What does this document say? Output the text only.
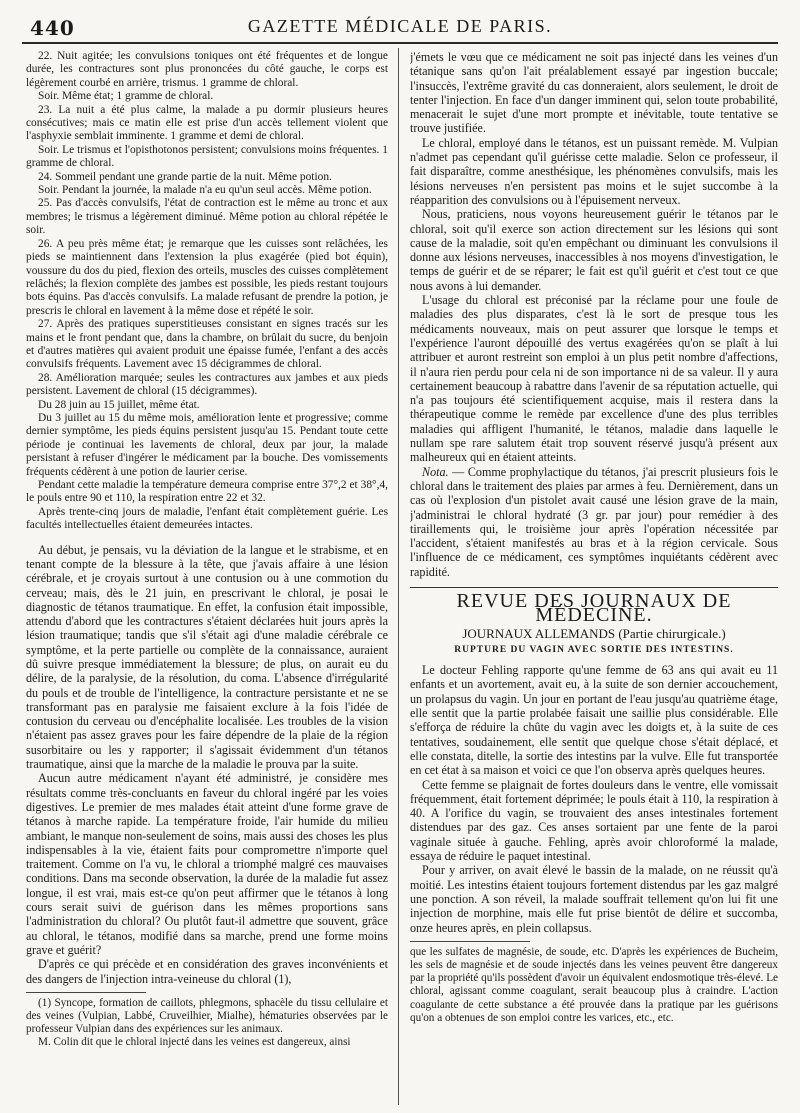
440	GAZETTE MÉDICALE DE PARIS.

22. Nuit agitée; les convulsions toniques ont été fréquentes et de longue durée, les contractures sont plus prononcées du côté gauche, le corps est légèrement courbé en arrière, trismus. 1 gramme de chloral.

Soir. Même état; 1 gramme de chloral.

23. La nuit a été plus calme, la malade a pu dormir plusieurs heures consécutives; mais ce matin elle est prise d'un accès tellement violent que l'asphyxie semblait imminente. 1 gramme et demi de chloral.

Soir. Le trismus et l'opisthotonos persistent; convulsions moins fréquentes. 1 gramme de chloral.

24. Sommeil pendant une grande partie de la nuit. Même potion.

Soir. Pendant la journée, la malade n'a eu qu'un seul accès. Même potion.

25. Pas d'accès convulsifs, l'état de contraction est le même au tronc et aux membres; le trismus a légèrement diminué. Même potion au chloral répétée le soir.

26. A peu près même état; je remarque que les cuisses sont relâchées, les pieds se maintiennent dans l'extension la plus exagérée (pied bot équin), voussure du dos du pied, flexion des orteils, muscles des cuisses complètement relâchés; la flexion complète des jambes est possible, les pieds restant toujours bots équins. Pas d'accès convulsifs. La malade refusant de prendre la potion, je prescris le chloral en lavement à la même dose et répété le soir.

27. Après des pratiques superstitieuses consistant en signes tracés sur les mains et le front pendant que, dans la chambre, on brûlait du sucre, du benjoin et d'autres matières qui avaient produit une épaisse fumée, l'enfant a des accès convulsifs fréquents. Lavement avec 15 décigrammes de chloral.

28. Amélioration marquée; seules les contractures aux jambes et aux pieds persistent. Lavement de chloral (15 décigrammes).

Du 28 juin au 15 juillet, même état.

Du 3 juillet au 15 du même mois, amélioration lente et progressive; comme dernier symptôme, les pieds équins persistent jusqu'au 15. Pendant toute cette période je continuai les lavements de chloral, deux par jour, la malade persistant à refuser d'ingérer le médicament par la bouche. Des vomissements fréquents cédèrent à une potion de laurier cerise.

Pendant cette maladie la température demeura comprise entre 37°,2 et 38°,4, le pouls entre 90 et 110, la respiration entre 22 et 32.

Après trente-cinq jours de maladie, l'enfant était complètement guérie. Les facultés intellectuelles étaient demeurées intactes.

Au début, je pensais, vu la déviation de la langue et le strabisme, et en tenant compte de la blessure à la tête, que j'avais affaire à une lésion cérébrale, et je croyais surtout à une contusion ou à une commotion du cerveau; mais, dès le 21 juin, en prescrivant le chloral, je posai le diagnostic de tétanos traumatique. En effet, la confusion était impossible, attendu d'abord que les contractures s'étaient déclarées huit jours après la lésion traumatique; tandis que s'il s'était agi d'une maladie cérébrale ce symptôme, et la perte partielle ou complète de la connaissance, auraient dû suivre presque immédiatement la blessure; de plus, on aurait eu du délire, de la paralysie, de la résolution, du coma. L'absence d'irrégularité du pouls et de trouble de l'intelligence, la contracture persistante et ne se transformant pas en paralysie me faisaient exclure à la fois l'idée de contusion du cerveau ou d'encéphalite localisée. Les troubles de la vision n'étaient pas assez graves pour les faire dépendre de la plaie de la région susorbitaire ou les y rapporter; il s'agissait évidemment d'un tétanos traumatique, ainsi que la marche de la maladie le prouva par la suite.

Aucun autre médicament n'ayant été administré, je considère mes résultats comme très-concluants en faveur du chloral ingéré par les voies digestives. Le premier de mes malades était atteint d'une forme grave de tétanos à marche rapide. La température froide, l'air humide du milieu ambiant, le manque non-seulement de soins, mais aussi des choses les plus indispensables à la vie, étaient faits pour compromettre n'importe quel traitement. Comme on l'a vu, le chloral a triomphé malgré ces mauvaises conditions. Dans ma seconde observation, la durée de la maladie fut assez longue, il est vrai, mais est-ce qu'on peut affirmer que le tétanos à long cours serait suivi de guérison dans les mêmes proportions sans l'administration du chloral? Ou plutôt faut-il admettre que souvent, grâce au chloral, le tétanos, modifié dans sa marche, prend une forme moins grave et guérit?

D'après ce qui précède et en considération des graves inconvénients et des dangers de l'injection intra-veineuse du chloral (1),

(1) Syncope, formation de caillots, phlegmons, sphacèle du tissu cellulaire et des veines (Vulpian, Labbé, Cruveilhier, Mialhe), hématuries observées par le professeur Vulpian dans des expériences sur les animaux.

M. Colin dit que le chloral injecté dans les veines est dangereux, ainsi

j'émets le vœu que ce médicament ne soit pas injecté dans les veines d'un tétanique sans qu'on l'ait préalablement essayé par ingestion buccale; l'insuccès, l'extrême gravité du cas donneraient, alors seulement, le droit de tenter l'injection. En face d'un danger imminent qui, selon toute probabilité, menacerait le sujet d'une mort prompte et inévitable, toute tentative se trouve justifiée.

Le chloral, employé dans le tétanos, est un puissant remède. M. Vulpian n'admet pas cependant qu'il guérisse cette maladie. Selon ce professeur, il fait disparaître, comme anesthésique, les phénomènes convulsifs, mais les lésions nerveuses n'en persistent pas moins et le sujet succombe à la réapparition des convulsions ou à l'épuisement nerveux.

Nous, praticiens, nous voyons heureusement guérir le tétanos par le chloral, soit qu'il exerce son action directement sur les lésions qui sont cause de la maladie, soit qu'en empêchant ou diminuant les convulsions il donne aux lésions nerveuses, inaccessibles à nos moyens d'investigation, le temps de guérir et de se réparer; le fait est qu'il guérit et c'est tout ce que nous avons à lui demander.

L'usage du chloral est préconisé par la réclame pour une foule de maladies des plus disparates, c'est là le sort de presque tous les médicaments nouveaux, mais on peut assurer que lorsque le temps et l'expérience l'auront dépouillé des vertus exagérées qu'on se plaît à lui attribuer et auront restreint son emploi à un plus petit nombre d'affections, il n'aura rien perdu pour cela ni de son importance ni de sa valeur. Il y aura certainement beaucoup à rabattre dans l'avenir de sa réputation actuelle, qui n'a pas toujours été scientifiquement acquise, mais il restera dans la thérapeutique comme le remède par excellence d'une des plus terribles maladies qui affligent l'humanité, le tétanos, maladie dans laquelle le nullam spe rare salutem était trop souvent réservé jusqu'à présent aux malheureux qui en étaient atteints.

Nota. — Comme prophylactique du tétanos, j'ai prescrit plusieurs fois le chloral dans le traitement des plaies par armes à feu. Dernièrement, dans un cas où l'explosion d'un pistolet avait causé une lésion grave de la main, j'administrai le chloral hydraté (3 gr. par jour) pour remédier à des tiraillements qui, le troisième jour après l'opération nécessitée par l'accident, s'étaient manifestés au bras et à la région cervicale. Sous l'influence de ce médicament, ces symptômes inquiétants cédèrent avec rapidité.

REVUE DES JOURNAUX DE MÉDECINE.
JOURNAUX ALLEMANDS (Partie chirurgicale.)
RUPTURE DU VAGIN AVEC SORTIE DES INTESTINS.

Le docteur Fehling rapporte qu'une femme de 63 ans qui avait eu 11 enfants et un avortement, avait eu, à la suite de son dernier accouchement, un prolapsus du vagin. Un jour en portant de l'eau jusqu'au quatrième étage, elle sentit que la partie prolabée faisait une saillie plus considérable. Elle s'efforça de réduire la chûte du vagin avec les doigts et, à la suite de ces tentatives, soudainement, elle sentit que quelque chose s'était déplacé, et elle constata, ditelle, la sortie des intestins par la vulve. Elle fut transportée en cet état à sa maison et voici ce que l'on observa après quelques heures.

Cette femme se plaignait de fortes douleurs dans le ventre, elle vomissait fréquemment, était fortement déprimée; le pouls était à 110, la respiration à 40. A l'orifice du vagin, se trouvaient des anses intestinales fortement distendues par des gaz. Ces anses sortaient par une fente de la paroi vaginale située à gauche. Fehling, après avoir chloroformé la malade, essaya de réduire le paquet intestinal.

Pour y arriver, on avait élevé le bassin de la malade, on ne réussit qu'à moitié. Les intestins étaient toujours fortement distendus par les gaz malgré une ponction. A son réveil, la malade souffrait tellement qu'on lui fit une injection de morphine, mais elle fut prise bientôt de délire et succomba, onze heures après, en plein collapsus.

que les sulfates de magnésie, de soude, etc. D'après les expériences de Bucheim, les sels de magnésie et de soude injectés dans les veines peuvent être dangereux par la propriété qu'ils possèdent d'avoir un équivalent endosmotique très-élevé. Le chloral, agissant comme coagulant, serait beaucoup plus à craindre. L'action coagulante de cette substance a été prouvée dans la pratique par les guérisons qu'on a obtenues de son emploi contre les varices, etc., etc.
